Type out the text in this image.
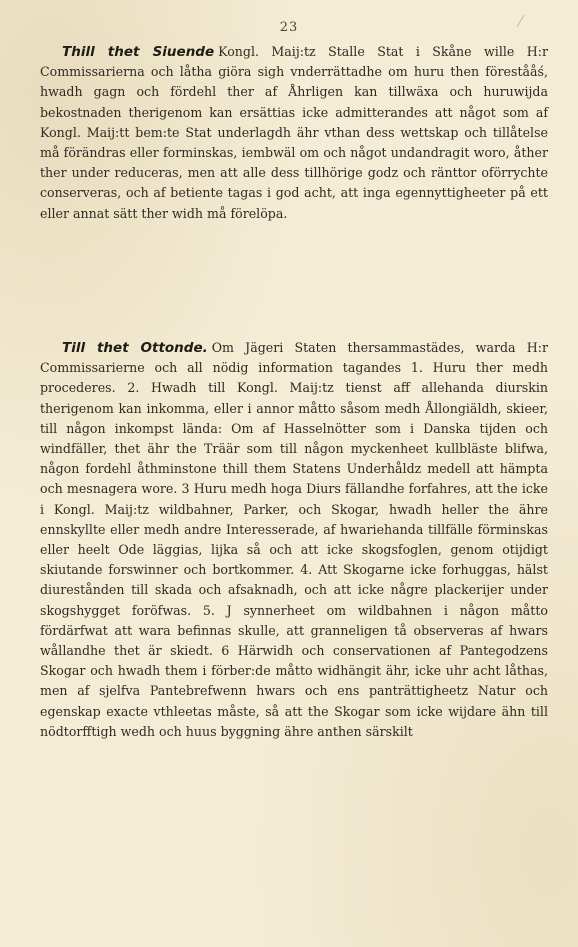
23
Thill thet Siuende Kongl. Maij:tz Stalle Stat i Skåne wille H:r Commissarierna och låtha giöra sigh vnderrättadhe om huru then förestååś, hwadh gagn och fördehl ther af Åhrligen kan tillwäxa och huruwijda bekostnaden therigenom kan ersättias icke admitterandes att något som af Kongl. Maij:tt bem:te Stat underlagdh ähr vthan dess wettskap och tillåtelse må förändras eller forminskas, iembwäl om och något undandragit woro, åther ther under reduceras, men att alle dess tillhörige godz och ränttor oförrychte conserveras, och af betiente tagas i god acht, att inga egennyttigheeter på ett eller annat sätt ther widh må förelöpa.
Till thet Ottonde. Om Jägeri Staten thersammastädes, warda H:r Commissarierne och all nödig information tagandes 1. Huru ther medh procederes. 2. Hwadh till Kongl. Maij:tz tienst aff allehanda diurskin therigenom kan inkomma, eller i annor måtto såsom medh Ållongiäldh, skieer, till någon inkompst lända: Om af Hasselnötter som i Danska tijden och windfäller, thet ähr the Träär som till någon myckenheet kullbläste blifwa, någon fordehl åthminstone thill them Statens Underhåldz medell att hämpta och mesnagera wore. 3 Huru medh hoga Diurs fällandhe forfahres, att the icke i Kongl. Maij:tz wildbahner, Parker, och Skogar, hwadh heller the ähre ennskyllte eller medh andre Interesserade, af hwariehanda tillfälle förminskas eller heelt Ode läggias, lijka så och att icke skogsfoglen, genom otijdigt skiutande forswinner och bortkommer. 4. Att Skogarne icke forhuggas, hälst diurestånden till skada och afsaknadh, och att icke någre plackerijer under skogshygget foröfwas. 5. J synnerheet om wildbahnen i någon måtto fördärfwat att wara befinnas skulle, att granneligen tå observeras af hwars wållandhe thet är skiedt. 6 Härwidh och conservationen af Pantegodzens Skogar och hwadh them i förber:de måtto widhängit ähr, icke uhr acht låthas, men af sjelfva Pantebrefwenn hwars och ens panträttigheetz Natur och egenskap exacte vthleetas måste, så att the Skogar som icke wijdare ähn till nödtorfftigh wedh och huus byggning ähre anthen särskilt
